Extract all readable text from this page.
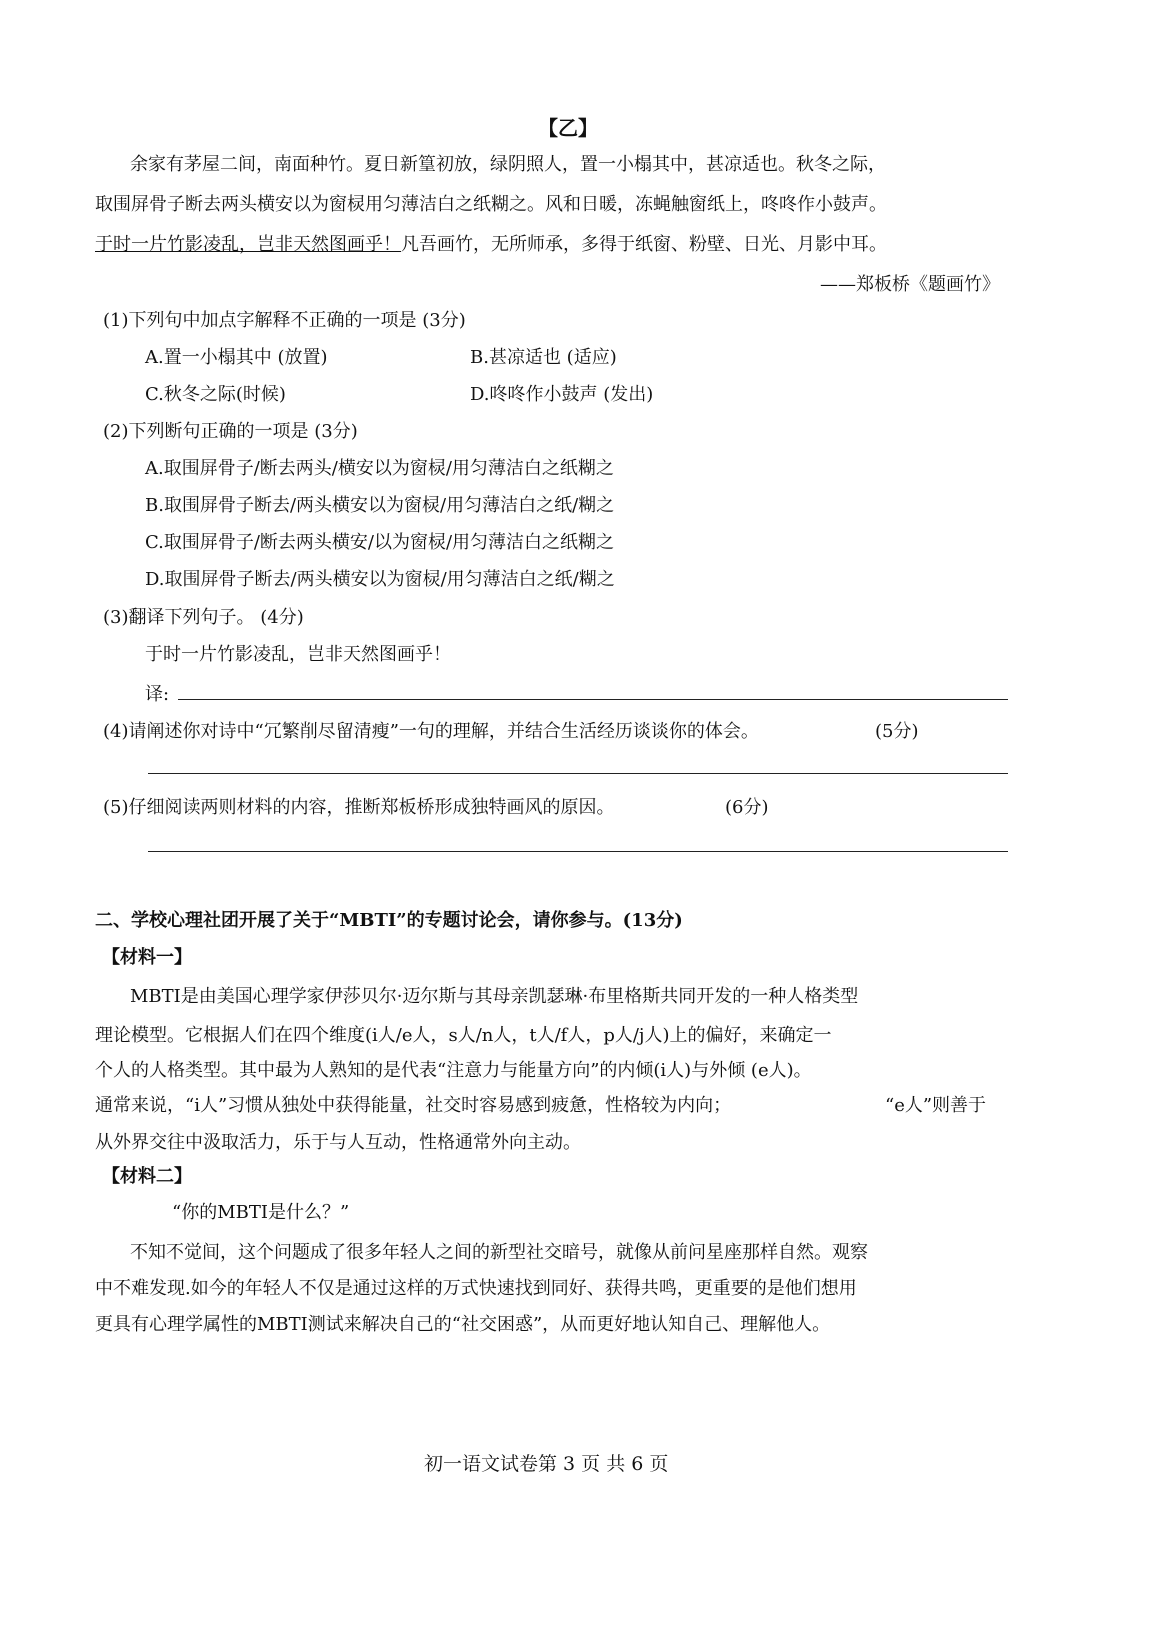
【乙】
余家有茅屋二间，南面种竹。夏日新篁初放，绿阴照人，置一小榻其中，甚凉适也。秋冬之际，
取围屏骨子断去两头横安以为窗棂用匀薄洁白之纸糊之。风和日暖，冻蝇触窗纸上，咚咚作小鼓声。
于时一片竹影凌乱，岂非天然图画乎！凡吾画竹，无所师承，多得于纸窗、粉壁、日光、月影中耳。
——郑板桥《题画竹》
(1)下列句中加点字解释不正确的一项是 (3分)
A.置一小榻其中 (放置)	B.甚凉适也 (适应)
C.秋冬之际(时候)	D.咚咚作小鼓声 (发出)
(2)下列断句正确的一项是 (3分)
A.取围屏骨子/断去两头/横安以为窗棂/用匀薄洁白之纸糊之
B.取围屏骨子断去/两头横安以为窗棂/用匀薄洁白之纸/糊之
C.取围屏骨子/断去两头横安/以为窗棂/用匀薄洁白之纸糊之
D.取围屏骨子断去/两头横安以为窗棂/用匀薄洁白之纸/糊之
(3)翻译下列句子。 (4分)
于时一片竹影凌乱，岂非天然图画乎！
译:
(4)请阐述你对诗中“冗繁削尽留清瘦”一句的理解，并结合生活经历谈谈你的体会。	(5分)
(5)仔细阅读两则材料的内容，推断郑板桥形成独特画风的原因。	(6分)
二、学校心理社团开展了关于“MBTI”的专题讨论会，请你参与。(13分)
【材料一】
MBTI是由美国心理学家伊莎贝尔·迈尔斯与其母亲凯瑟琳·布里格斯共同开发的一种人格类型
理论模型。它根据人们在四个维度(i人/e人，s人/n人，t人/f人，p人/j人)上的偏好，来确定一
个人的人格类型。其中最为人熟知的是代表“注意力与能量方向”的内倾(i人)与外倾 (e人)。
通常来说，“i人”习惯从独处中获得能量，社交时容易感到疲惫，性格较为内向；	“e人”则善于
从外界交往中汲取活力，乐于与人互动，性格通常外向主动。
【材料二】
“你的MBTI是什么？”
不知不觉间，这个问题成了很多年轻人之间的新型社交暗号，就像从前问星座那样自然。观察
中不难发现.如今的年轻人不仅是通过这样的万式快速找到同好、获得共鸣，更重要的是他们想用
更具有心理学属性的MBTI测试来解决自己的“社交困惑”，从而更好地认知自己、理解他人。
初一语文试卷第 3 页 共 6 页
